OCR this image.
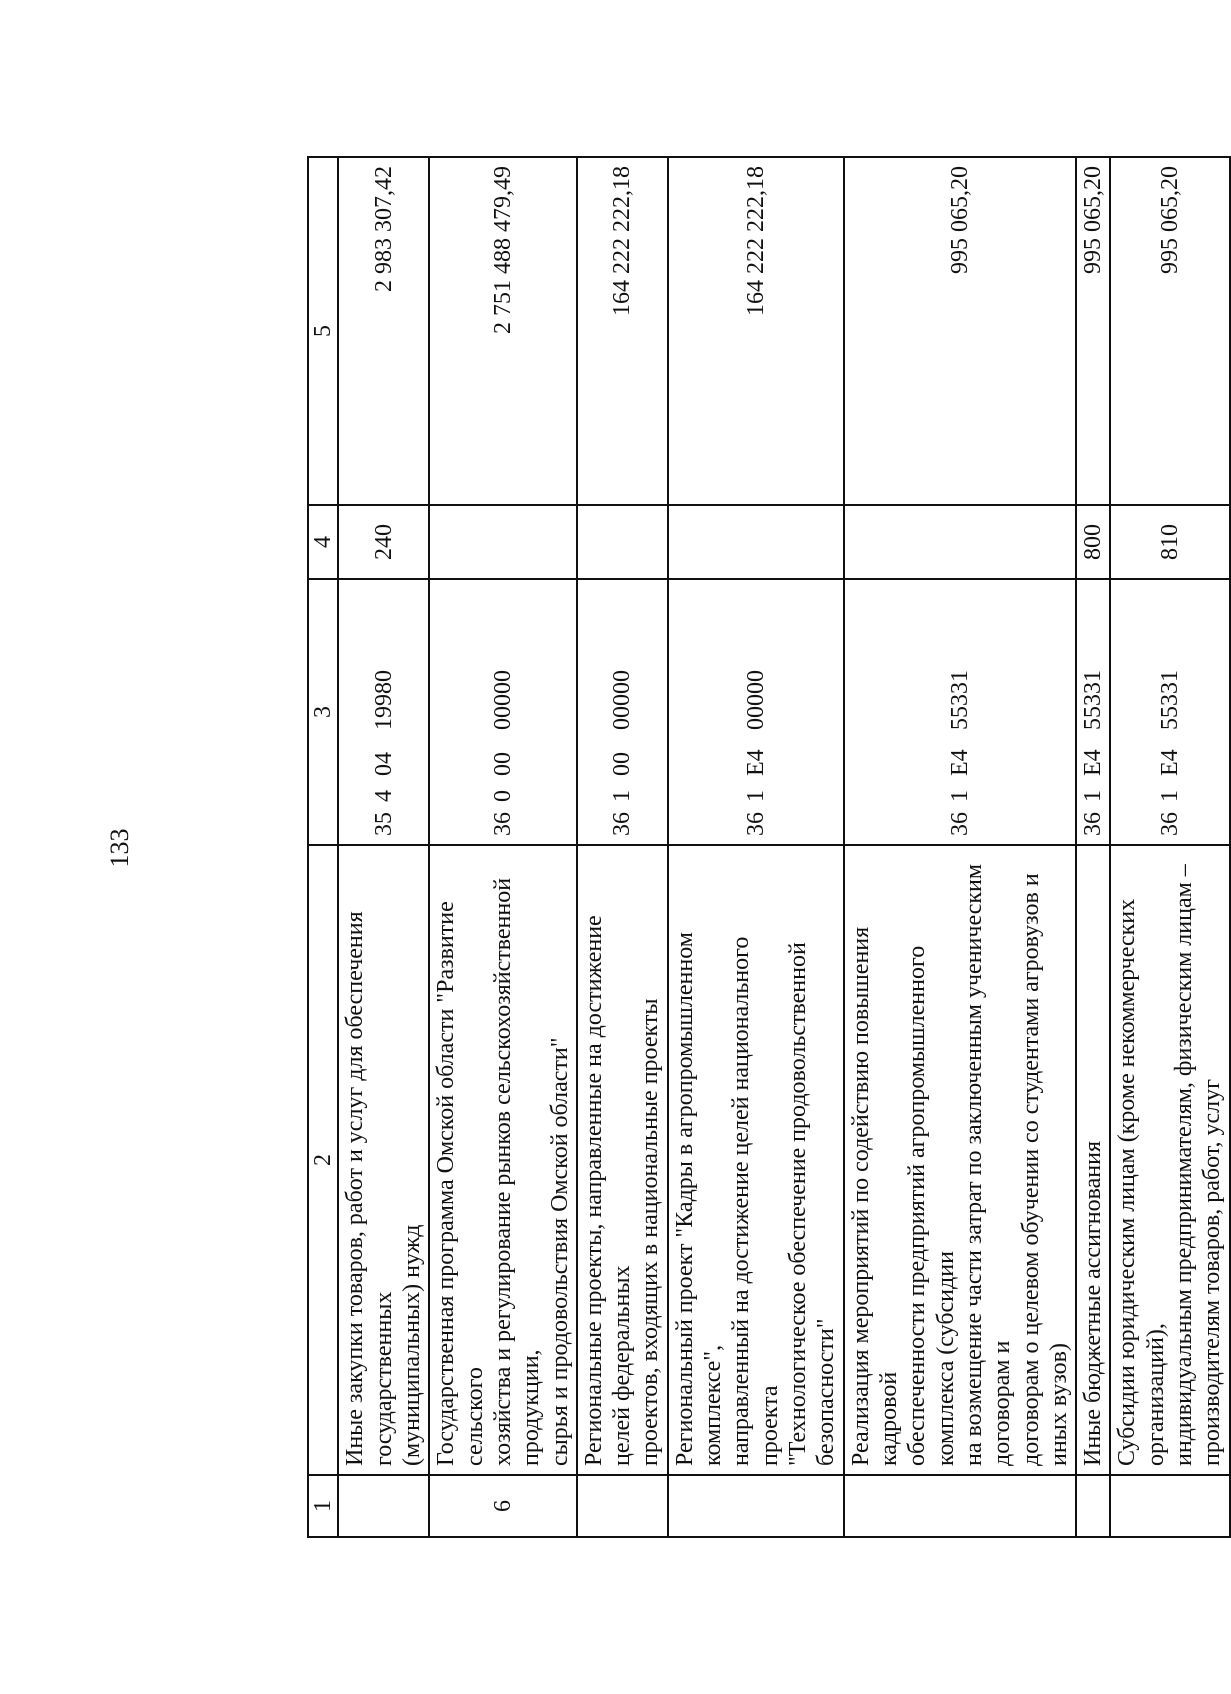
133
1	2	3	4	5

	Иные закупки товаров, работ и услуг для обеспечения государственных (муниципальных) нужд	3540419980	240	2 983 307,42
6	Государственная программа Омской области "Развитие сельского хозяйства и регулирование рынков сельскохозяйственной продукции, сырья и продовольствия Омской области"	3600000000		2 751 488 479,49

	Региональные проекты, направленные на достижение целей федеральных проектов, входящих в национальные проекты	3610000000		164 222 222,18

	Региональный проект "Кадры в агропромышленном комплексе", направленный на достижение целей национального проекта "Технологическое обеспечение продовольственной безопасности"	361Е400000		164 222 222,18

	Реализация мероприятий по содействию повышения кадровой обеспеченности предприятий агропромышленного комплекса (субсидии на возмещение части затрат по заключенным ученическим договорам и договорам о целевом обучении со студентами агровузов и иных вузов)	361Е455331		995 065,20

	Иные бюджетные ассигнования	361Е455331	800	995 065,20

	Субсидии юридическим лицам (кроме некоммерческих организаций), индивидуальным предпринимателям, физическим лицам – производителям товаров, работ, услуг	361Е455331	810	995 065,20
